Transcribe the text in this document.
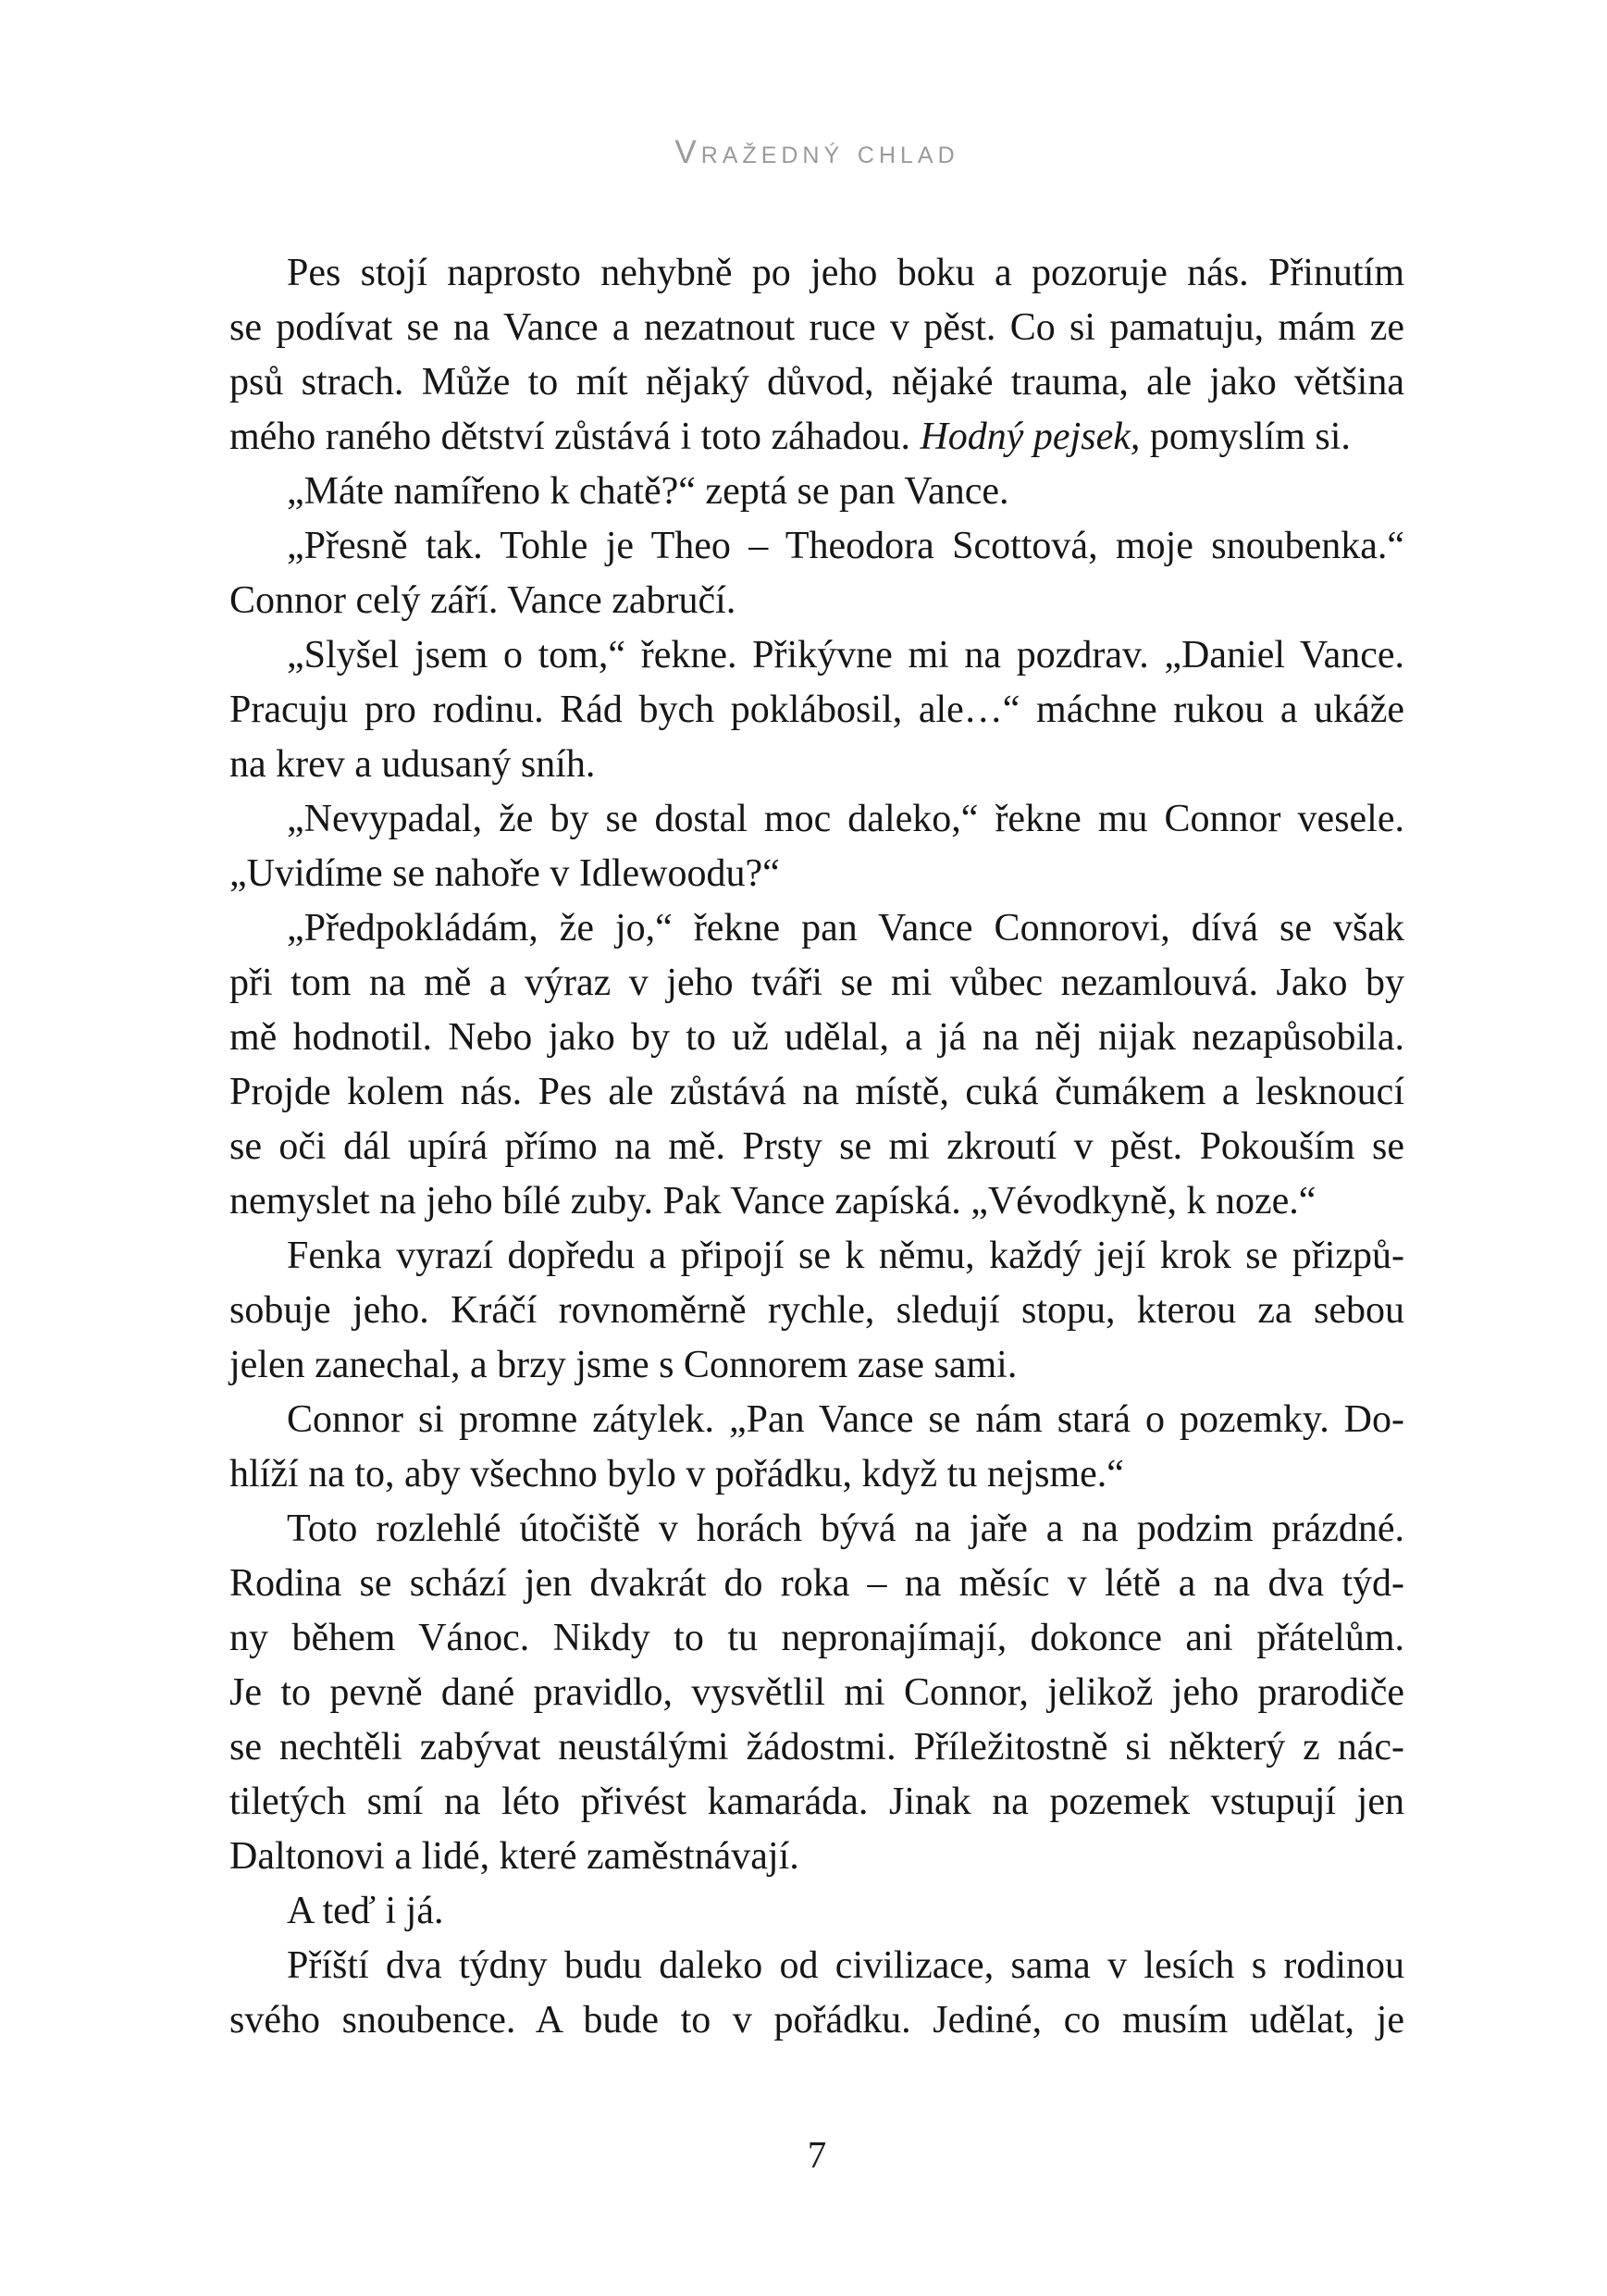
Vražedný chlad
Pes stojí naprosto nehybně po jeho boku a pozoruje nás. Přinutím
se podívat se na Vance a nezatnout ruce v pěst. Co si pamatuju, mám ze
psů strach. Může to mít nějaký důvod, nějaké trauma, ale jako většina
mého raného dětství zůstává i toto záhadou. Hodný pejsek, pomyslím si.
„Máte namířeno k chatě?“ zeptá se pan Vance.
„Přesně tak. Tohle je Theo – Theodora Scottová, moje snoubenka.“
Connor celý září. Vance zabručí.
„Slyšel jsem o tom,“ řekne. Přikývne mi na pozdrav. „Daniel Vance.
Pracuju pro rodinu. Rád bych poklábosil, ale…“ máchne rukou a ukáže
na krev a udusaný sníh.
„Nevypadal, že by se dostal moc daleko,“ řekne mu Connor vesele.
„Uvidíme se nahoře v Idlewoodu?“
„Předpokládám, že jo,“ řekne pan Vance Connorovi, dívá se však
při tom na mě a výraz v jeho tváři se mi vůbec nezamlouvá. Jako by
mě hodnotil. Nebo jako by to už udělal, a já na něj nijak nezapůsobila.
Projde kolem nás. Pes ale zůstává na místě, cuká čumákem a lesknoucí
se oči dál upírá přímo na mě. Prsty se mi zkroutí v pěst. Pokouším se
nemyslet na jeho bílé zuby. Pak Vance zapíská. „Vévodkyně, k noze.“
Fenka vyrazí dopředu a připojí se k němu, každý její krok se přizpů-
sobuje jeho. Kráčí rovnoměrně rychle, sledují stopu, kterou za sebou
jelen zanechal, a brzy jsme s Connorem zase sami.
Connor si promne zátylek. „Pan Vance se nám stará o pozemky. Do-
hlíží na to, aby všechno bylo v pořádku, když tu nejsme.“
Toto rozlehlé útočiště v horách bývá na jaře a na podzim prázdné.
Rodina se schází jen dvakrát do roka – na měsíc v létě a na dva týd-
ny během Vánoc. Nikdy to tu nepronajímají, dokonce ani přátelům.
Je to pevně dané pravidlo, vysvětlil mi Connor, jelikož jeho prarodiče
se nechtěli zabývat neustálými žádostmi. Příležitostně si některý z nác-
tiletých smí na léto přivést kamaráda. Jinak na pozemek vstupují jen
Daltonovi a lidé, které zaměstnávají.
A teď i já.
Příští dva týdny budu daleko od civilizace, sama v lesích s rodinou
svého snoubence. A bude to v pořádku. Jediné, co musím udělat, je
7
